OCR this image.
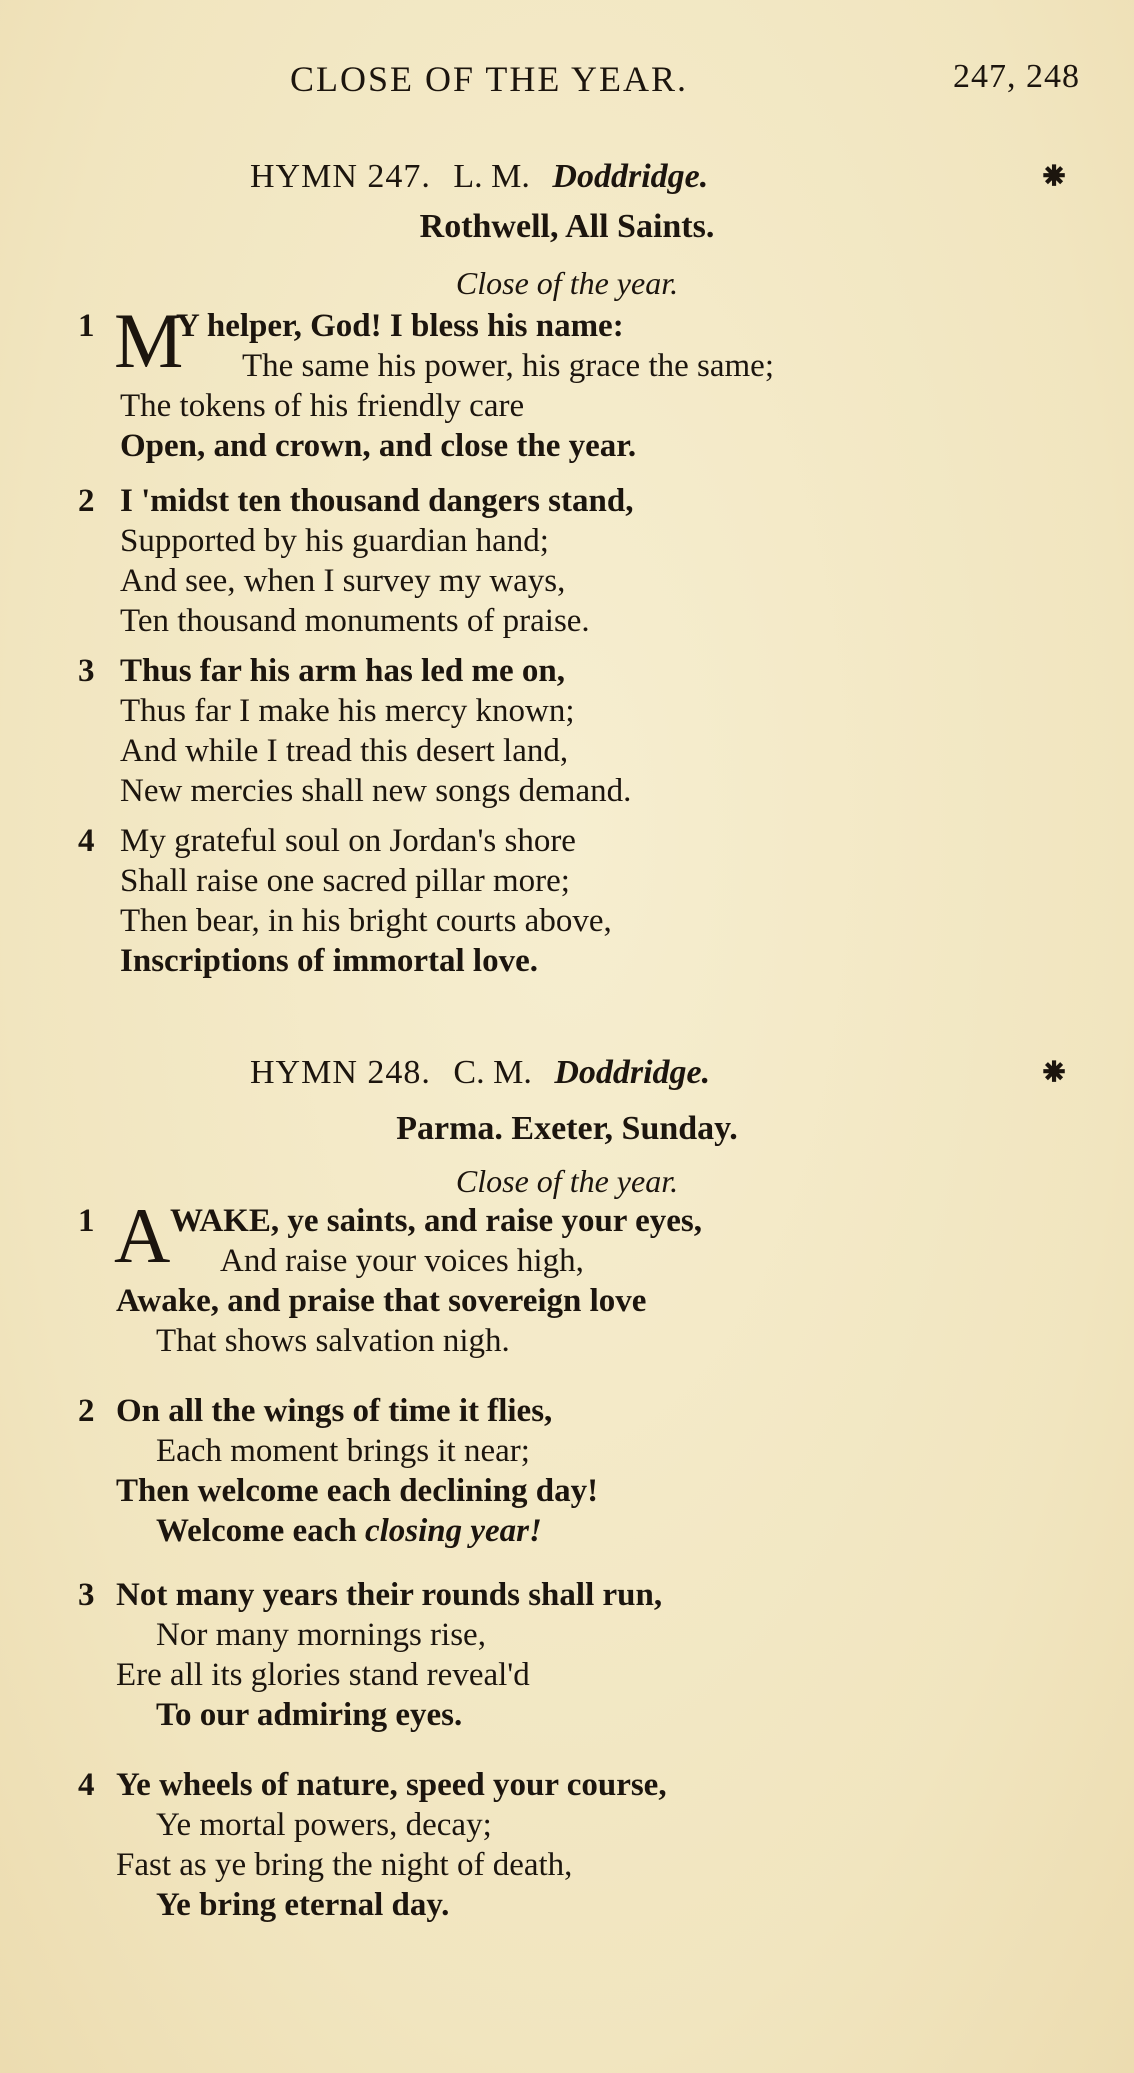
CLOSE OF THE YEAR.	247, 248
HYMN 247. L. M. Doddridge.	⁕
Rothwell, All Saints.
Close of the year.
1 M
Y helper, God! I bless his name:
The same his power, his grace the same;
The tokens of his friendly care
Open, and crown, and close the year.
2 I 'midst ten thousand dangers stand,
Supported by his guardian hand;
And see, when I survey my ways,
Ten thousand monuments of praise.
3 Thus far his arm has led me on,
Thus far I make his mercy known;
And while I tread this desert land,
New mercies shall new songs demand.
4 My grateful soul on Jordan's shore
Shall raise one sacred pillar more;
Then bear, in his bright courts above,
Inscriptions of immortal love.
HYMN 248. C. M. Doddridge.	⁕
Parma. Exeter, Sunday.
Close of the year.
1 A WAKE, ye saints, and raise your eyes,
And raise your voices high,
Awake, and praise that sovereign love
That shows salvation nigh.
2 On all the wings of time it flies,
Each moment brings it near;
Then welcome each declining day!
Welcome each closing year!
3 Not many years their rounds shall run,
Nor many mornings rise,
Ere all its glories stand reveal'd
To our admiring eyes.
4 Ye wheels of nature, speed your course,
Ye mortal powers, decay;
Fast as ye bring the night of death,
Ye bring eternal day.
